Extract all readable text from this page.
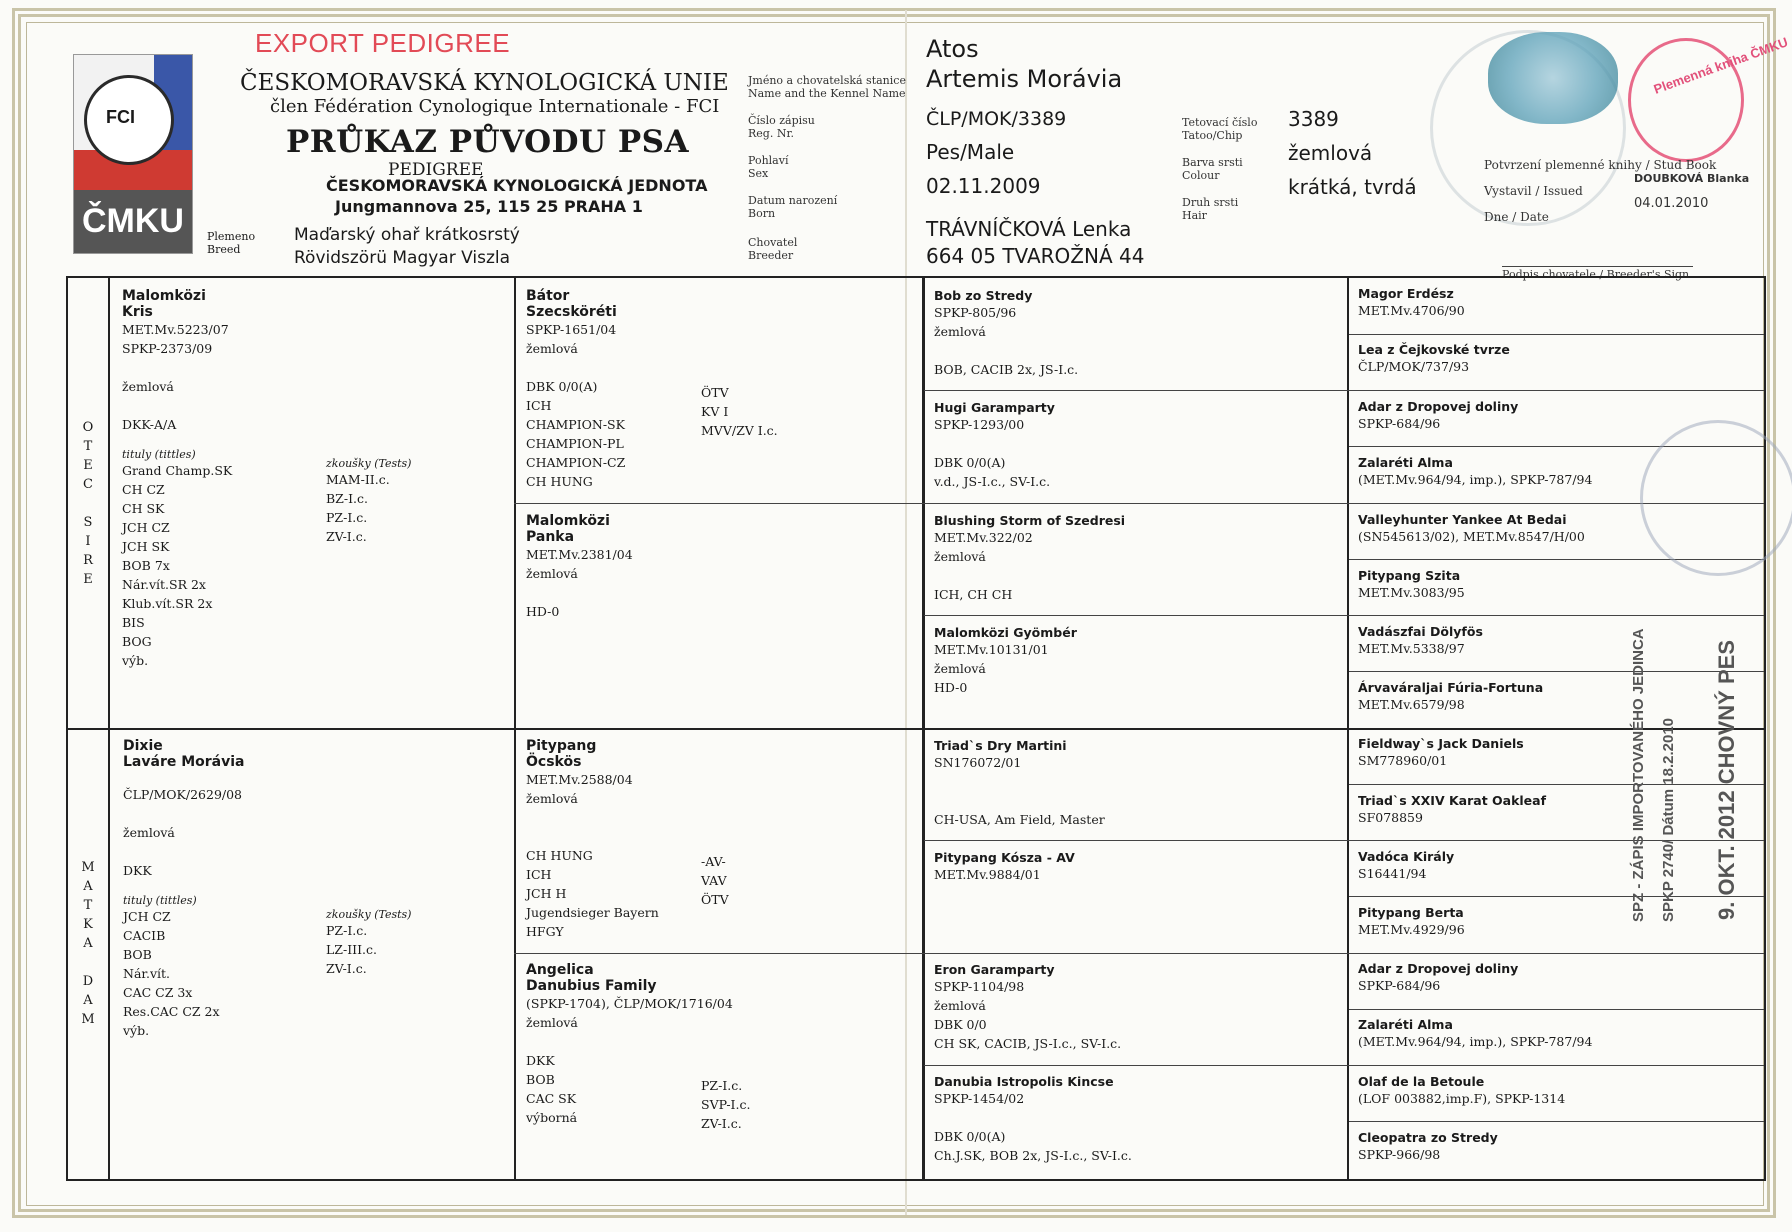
FCI
ČMKU
EXPORT PEDIGREE
ČESKOMORAVSKÁ KYNOLOGICKÁ UNIE
člen Fédération Cynologique Internationale - FCI
PRŮKAZ PŮVODU PSA
PEDIGREE
ČESKOMORAVSKÁ KYNOLOGICKÁ JEDNOTA
Jungmannova 25, 115 25 PRAHA 1
Plemeno
Breed
Maďarský ohař krátkosrstý
Rövidszörü Magyar Viszla
Jméno a chovatelská stanice
Name and the Kennel Name
Číslo zápisu
Reg. Nr.
Pohlaví
Sex
Datum narození
Born
Chovatel
Breeder
Atos
Artemis Morávia
ČLP/MOK/3389
Pes/Male
02.11.2009
TRÁVNÍČKOVÁ Lenka
664 05 TVAROŽNÁ 44
Tetovací číslo
Tatoo/Chip
Barva srsti
Colour
Druh srsti
Hair
3389
žemlová
krátká, tvrdá
Plemenná kniha ČMKU
Potvrzení plemenné knihy / Stud Book
Vystavil / Issued
DOUBKOVÁ Blanka
Dne / Date
04.01.2010
Podpis chovatele / Breeder's Sign.
O
T
E
C

S
I
R
E
M
A
T
K
A

D
A
M
Malomközi
Kris
MET.Mv.5223/07
SPKP-2373/09
žemlová
DKK-A/A
tituly (tittles)
Grand Champ.SK
CH CZ
CH SK
JCH CZ
JCH SK
BOB 7x
Nár.vít.SR 2x
Klub.vít.SR 2x
BIS
BOG
výb.
zkoušky (Tests)
MAM-II.c.
BZ-I.c.
PZ-I.c.
ZV-I.c.
Dixie
Laváre Morávia
ČLP/MOK/2629/08
žemlová
DKK
tituly (tittles)
JCH CZ
CACIB
BOB
Nár.vít.
CAC CZ 3x
Res.CAC CZ 2x
výb.
zkoušky (Tests)
PZ-I.c.
LZ-III.c.
ZV-I.c.
Bátor
Szecsköréti
SPKP-1651/04
žemlová

DBK 0/0(A)
ICH
CHAMPION-SK
CHAMPION-PL
CHAMPION-CZ
CH HUNG
ÖTV
KV I
MVV/ZV I.c.
Malomközi
Panka
MET.Mv.2381/04
žemlová

HD-0
Pitypang
Öcskös
MET.Mv.2588/04
žemlová

CH HUNG
ICH
JCH H
Jugendsieger Bayern
HFGY
-AV-
VAV
ÖTV
Angelica
Danubius Family
(SPKP-1704), ČLP/MOK/1716/04
žemlová

DKK
BOB
CAC SK
výborná
PZ-I.c.
SVP-I.c.
ZV-I.c.
Bob zo Stredy
SPKP-805/96
žemlová

BOB, CACIB 2x, JS-I.c.
Hugi Garamparty
SPKP-1293/00

DBK 0/0(A)
v.d., JS-I.c., SV-I.c.
Blushing Storm of Szedresi
MET.Mv.322/02
žemlová

ICH, CH CH
Malomközi Gyömbér
MET.Mv.10131/01
žemlová
HD-0
Triad`s Dry Martini
SN176072/01

CH-USA, Am Field, Master
Pitypang Kósza - AV
MET.Mv.9884/01
Eron Garamparty
SPKP-1104/98
žemlová
DBK 0/0
CH SK, CACIB, JS-I.c., SV-I.c.
Danubia Istropolis Kincse
SPKP-1454/02

DBK 0/0(A)
Ch.J.SK, BOB 2x, JS-I.c., SV-I.c.
Magor Erdész
MET.Mv.4706/90
Lea z Čejkovské tvrze
ČLP/MOK/737/93
Adar z Dropovej doliny
SPKP-684/96
Zalaréti Alma
(MET.Mv.964/94, imp.), SPKP-787/94
Valleyhunter Yankee At Bedai
(SN545613/02), MET.Mv.8547/H/00
Pitypang Szita
MET.Mv.3083/95
Vadászfai Dölyfös
MET.Mv.5338/97
Árvaváraljai Fúria-Fortuna
MET.Mv.6579/98
Fieldway`s Jack Daniels
SM778960/01
Triad`s XXIV Karat Oakleaf
SF078859
Vadóca Király
S16441/94
Pitypang Berta
MET.Mv.4929/96
Adar z Dropovej doliny
SPKP-684/96
Zalaréti Alma
(MET.Mv.964/94, imp.), SPKP-787/94
Olaf de la Betoule
(LOF 003882,imp.F), SPKP-1314
Cleopatra zo Stredy
SPKP-966/98
SPZ - ZÁPIS IMPORTOVANÉHO JEDINCA SPKP 2740/ Dátum 18.2.2010 9. OKT. 2012 CHOVNÝ PES
